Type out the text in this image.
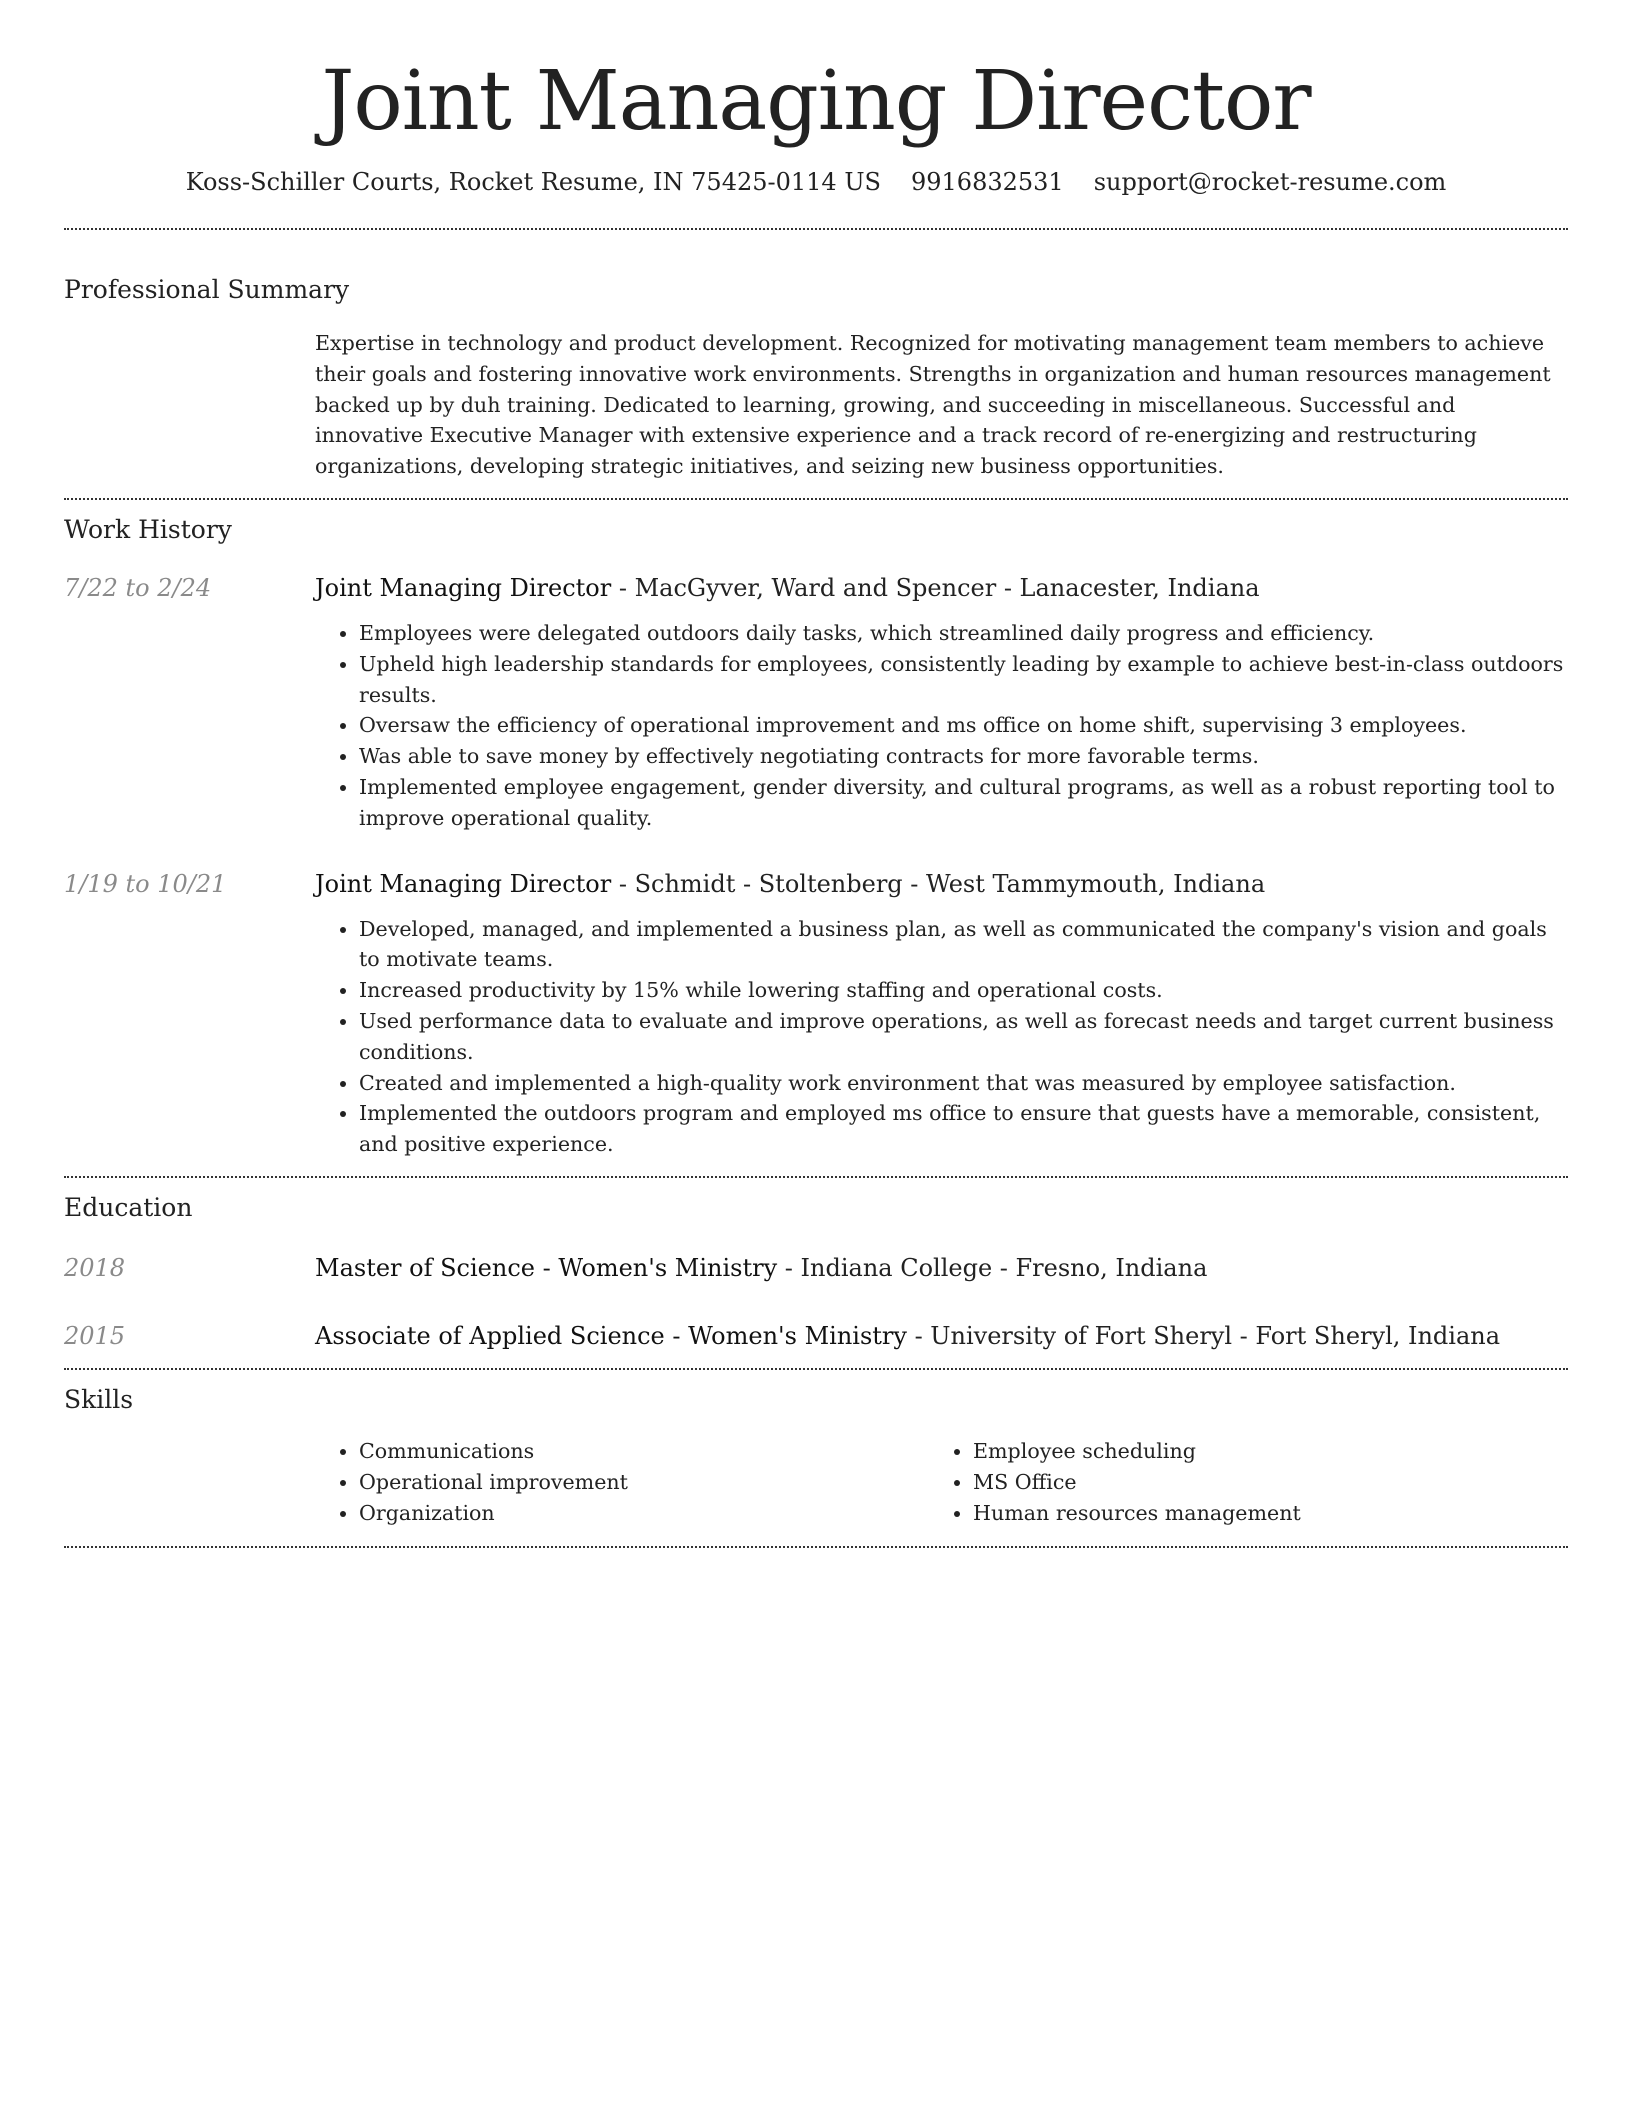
Joint Managing Director
Koss-Schiller Courts, Rocket Resume, IN 75425-0114 US 9916832531 support@rocket-resume.com
Professional Summary
Expertise in technology and product development. Recognized for motivating management team members to achieve their goals and fostering innovative work environments. Strengths in organization and human resources management backed up by duh training. Dedicated to learning, growing, and succeeding in miscellaneous. Successful and innovative Executive Manager with extensive experience and a track record of re-energizing and restructuring organizations, developing strategic initiatives, and seizing new business opportunities.
Work History
7/22 to 2/24	Joint Managing Director - MacGyver, Ward and Spencer - Lanacester, Indiana
• Employees were delegated outdoors daily tasks, which streamlined daily progress and efficiency.
• Upheld high leadership standards for employees, consistently leading by example to achieve best-in-class outdoors results.
• Oversaw the efficiency of operational improvement and ms office on home shift, supervising 3 employees.
• Was able to save money by effectively negotiating contracts for more favorable terms.
• Implemented employee engagement, gender diversity, and cultural programs, as well as a robust reporting tool to improve operational quality.
1/19 to 10/21	Joint Managing Director - Schmidt - Stoltenberg - West Tammymouth, Indiana
• Developed, managed, and implemented a business plan, as well as communicated the company's vision and goals to motivate teams.
• Increased productivity by 15% while lowering staffing and operational costs.
• Used performance data to evaluate and improve operations, as well as forecast needs and target current business conditions.
• Created and implemented a high-quality work environment that was measured by employee satisfaction.
• Implemented the outdoors program and employed ms office to ensure that guests have a memorable, consistent, and positive experience.
Education
2018	Master of Science - Women's Ministry - Indiana College - Fresno, Indiana
2015	Associate of Applied Science - Women's Ministry - University of Fort Sheryl - Fort Sheryl, Indiana
Skills
• Communications
• Operational improvement
• Organization
• Employee scheduling
• MS Office
• Human resources management
